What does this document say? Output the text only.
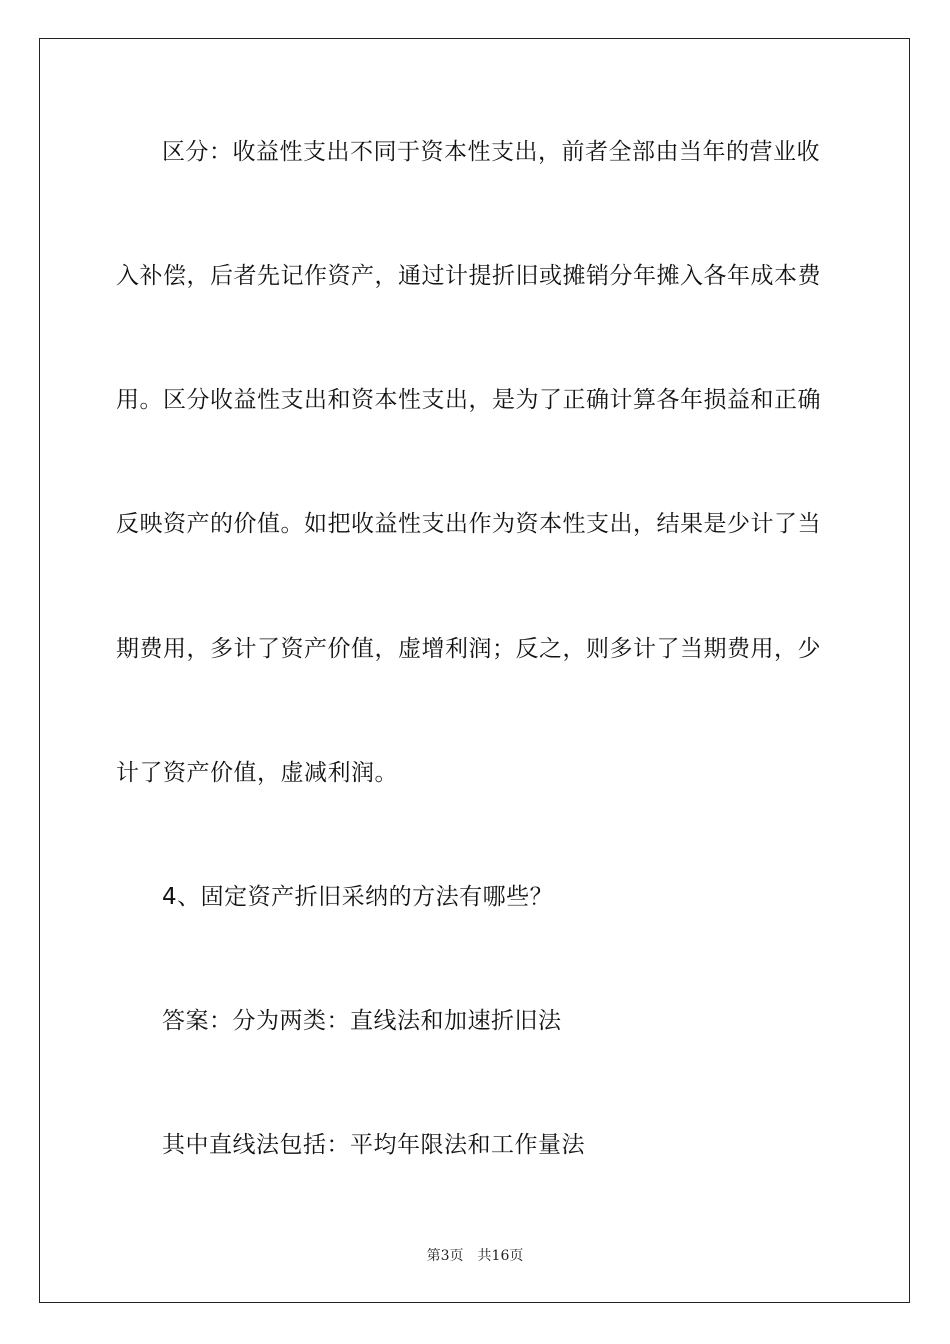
区分：收益性支出不同于资本性支出，前者全部由当年的营业收
入补偿，后者先记作资产，通过计提折旧或摊销分年摊入各年成本费
用。区分收益性支出和资本性支出，是为了正确计算各年损益和正确
反映资产的价值。如把收益性支出作为资本性支出，结果是少计了当
期费用，多计了资产价值，虚增利润；反之，则多计了当期费用，少
计了资产价值，虚减利润。
4、固定资产折旧采纳的方法有哪些？
答案：分为两类：直线法和加速折旧法
其中直线法包括：平均年限法和工作量法
第3页 共16页
